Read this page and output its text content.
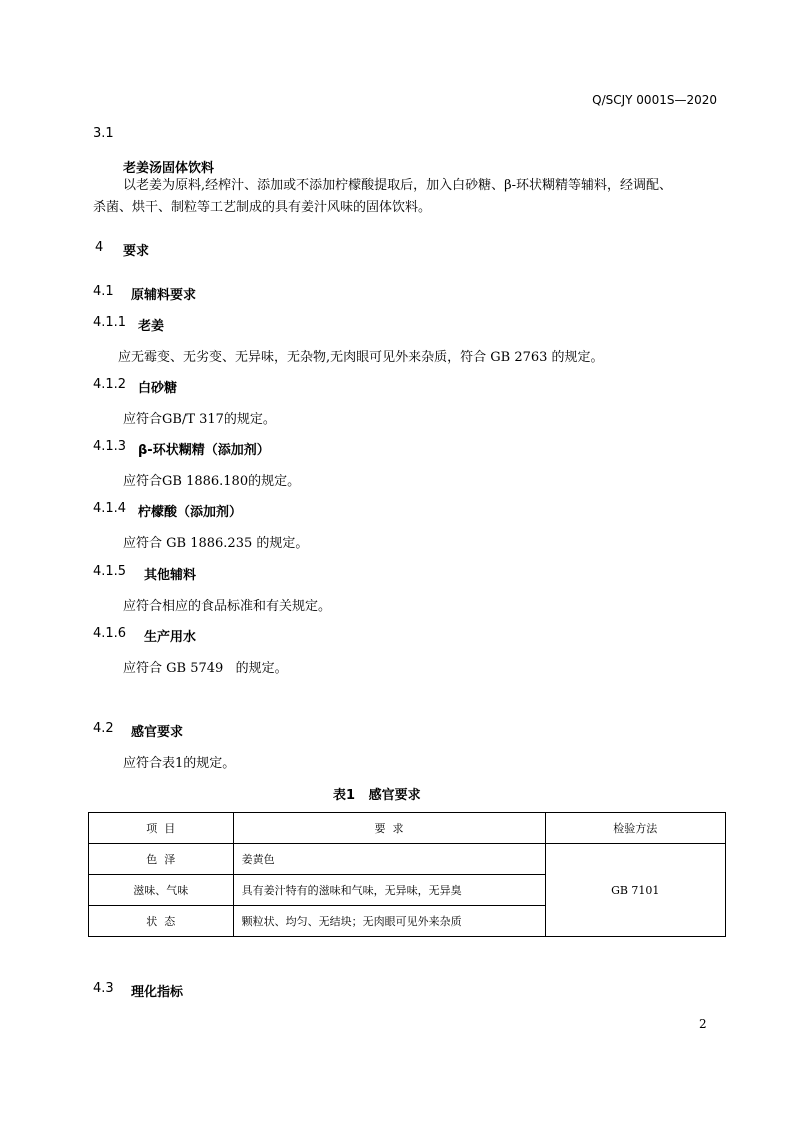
Q/SCJY 0001S—2020
3.1
老姜汤固体饮料
以老姜为原料,经榨汁、添加或不添加柠檬酸提取后，加入白砂糖、β-环状糊精等辅料，经调配、
杀菌、烘干、制粒等工艺制成的具有姜汁风味的固体饮料。
4 要求
4.1 原辅料要求
4.1.1 老姜
应无霉变、无劣变、无异味，无杂物,无肉眼可见外来杂质，符合 GB 2763 的规定。
4.1.2 白砂糖
应符合GB/T 317的规定。
4.1.3 β-环状糊精（添加剂）
应符合GB 1886.180的规定。
4.1.4 柠檬酸（添加剂）
应符合 GB 1886.235 的规定。
4.1.5 其他辅料
应符合相应的食品标准和有关规定。
4.1.6 生产用水
应符合 GB 5749   的规定。
4.2 感官要求
应符合表1的规定。
表1   感官要求
项  目	要  求	检验方法
色  泽	姜黄色	GB 7101
滋味、气味	具有姜汁特有的滋味和气味，无异味，无异臭	
状  态	颗粒状、均匀、无结块；无肉眼可见外来杂质	
4.3 理化指标
2
